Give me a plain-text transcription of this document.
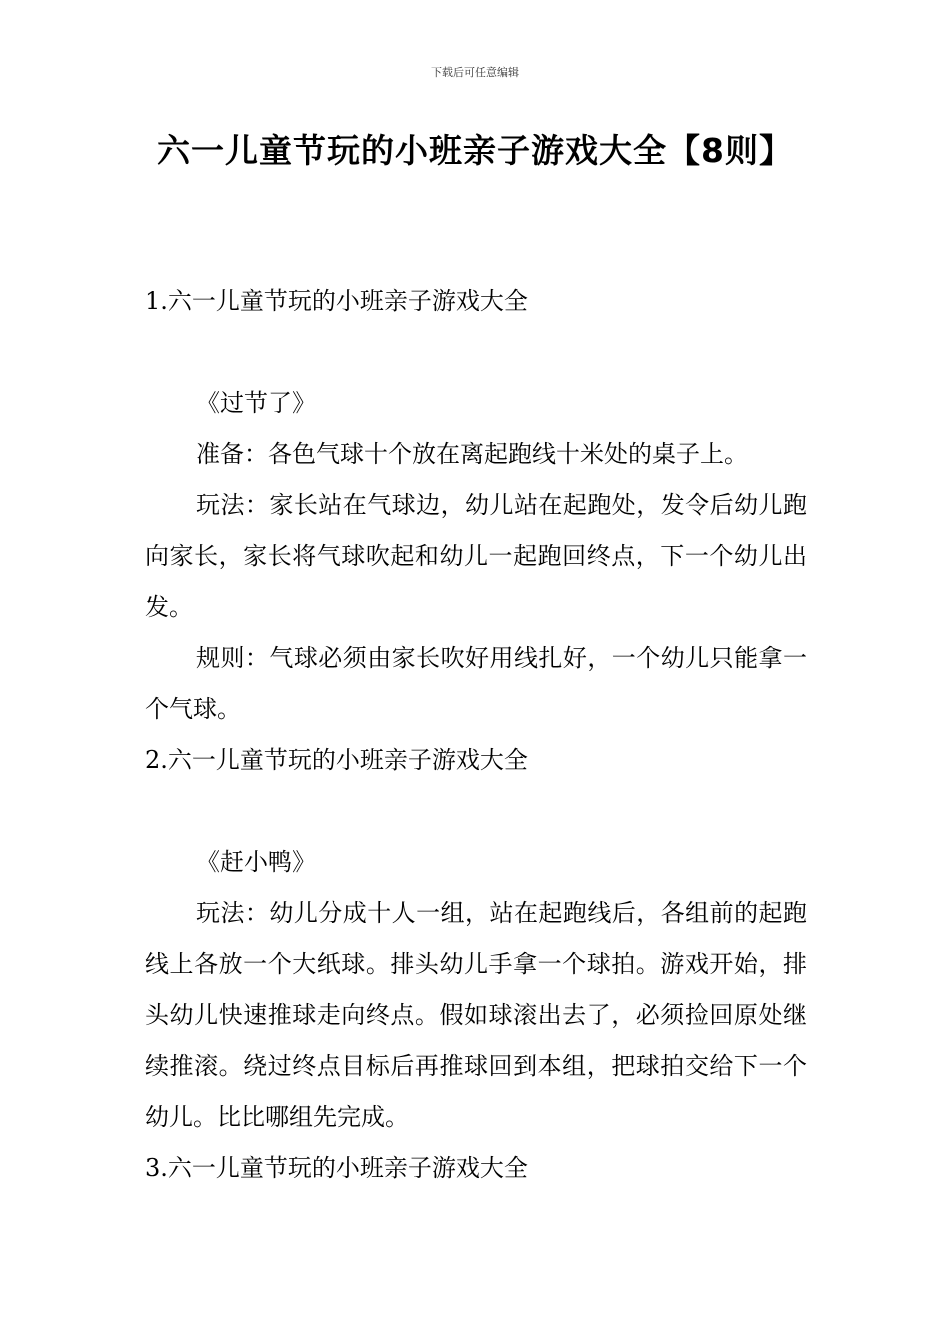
下载后可任意编辑
六一儿童节玩的小班亲子游戏大全【8则】
1.六一儿童节玩的小班亲子游戏大全

《过节了》

准备：各色气球十个放在离起跑线十米处的桌子上。

玩法：家长站在气球边，幼儿站在起跑处，发令后幼儿跑向家长，家长将气球吹起和幼儿一起跑回终点，下一个幼儿出发。

规则：气球必须由家长吹好用线扎好，一个幼儿只能拿一个气球。

2.六一儿童节玩的小班亲子游戏大全

《赶小鸭》

玩法：幼儿分成十人一组，站在起跑线后，各组前的起跑线上各放一个大纸球。排头幼儿手拿一个球拍。游戏开始，排头幼儿快速推球走向终点。假如球滚出去了，必须捡回原处继续推滚。绕过终点目标后再推球回到本组，把球拍交给下一个幼儿。比比哪组先完成。

3.六一儿童节玩的小班亲子游戏大全
